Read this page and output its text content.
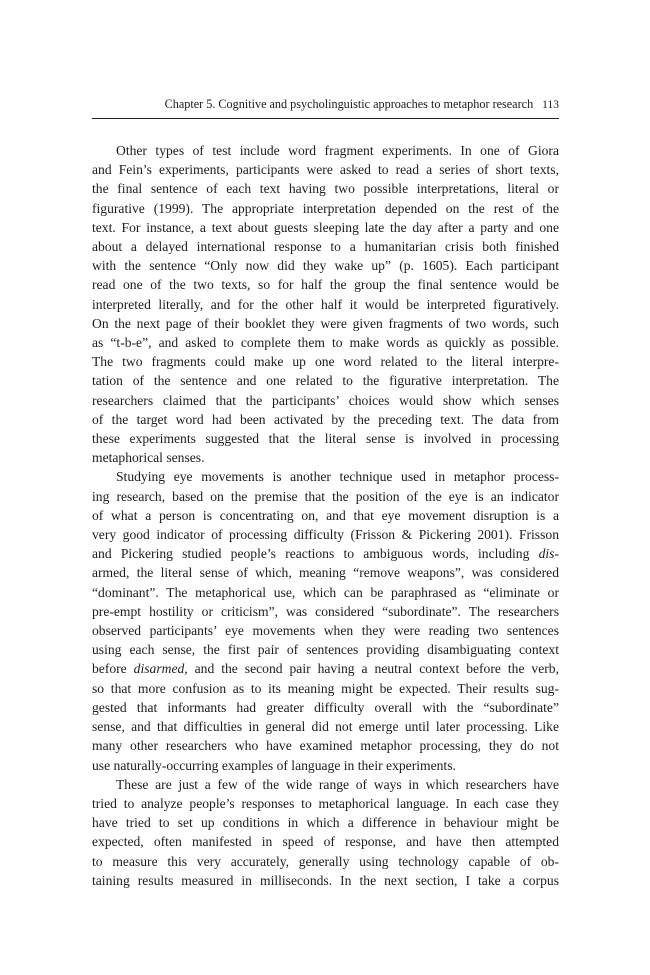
Chapter 5. Cognitive and psycholinguistic approaches to metaphor research 113
Other types of test include word fragment experiments. In one of Giora
and Fein’s experiments, participants were asked to read a series of short texts,
the final sentence of each text having two possible interpretations, literal or
figurative (1999). The appropriate interpretation depended on the rest of the
text. For instance, a text about guests sleeping late the day after a party and one
about a delayed international response to a humanitarian crisis both finished
with the sentence “Only now did they wake up” (p. 1605). Each participant
read one of the two texts, so for half the group the final sentence would be
interpreted literally, and for the other half it would be interpreted figuratively.
On the next page of their booklet they were given fragments of two words, such
as “t-b-e”, and asked to complete them to make words as quickly as possible.
The two fragments could make up one word related to the literal interpre-
tation of the sentence and one related to the figurative interpretation. The
researchers claimed that the participants’ choices would show which senses
of the target word had been activated by the preceding text. The data from
these experiments suggested that the literal sense is involved in processing
metaphorical senses.
Studying eye movements is another technique used in metaphor process-
ing research, based on the premise that the position of the eye is an indicator
of what a person is concentrating on, and that eye movement disruption is a
very good indicator of processing difficulty (Frisson & Pickering 2001). Frisson
and Pickering studied people’s reactions to ambiguous words, including dis-
armed, the literal sense of which, meaning “remove weapons”, was considered
“dominant”. The metaphorical use, which can be paraphrased as “eliminate or
pre-empt hostility or criticism”, was considered “subordinate”. The researchers
observed participants’ eye movements when they were reading two sentences
using each sense, the first pair of sentences providing disambiguating context
before disarmed, and the second pair having a neutral context before the verb,
so that more confusion as to its meaning might be expected. Their results sug-
gested that informants had greater difficulty overall with the “subordinate”
sense, and that difficulties in general did not emerge until later processing. Like
many other researchers who have examined metaphor processing, they do not
use naturally-occurring examples of language in their experiments.
These are just a few of the wide range of ways in which researchers have
tried to analyze people’s responses to metaphorical language. In each case they
have tried to set up conditions in which a difference in behaviour might be
expected, often manifested in speed of response, and have then attempted
to measure this very accurately, generally using technology capable of ob-
taining results measured in milliseconds. In the next section, I take a corpus
